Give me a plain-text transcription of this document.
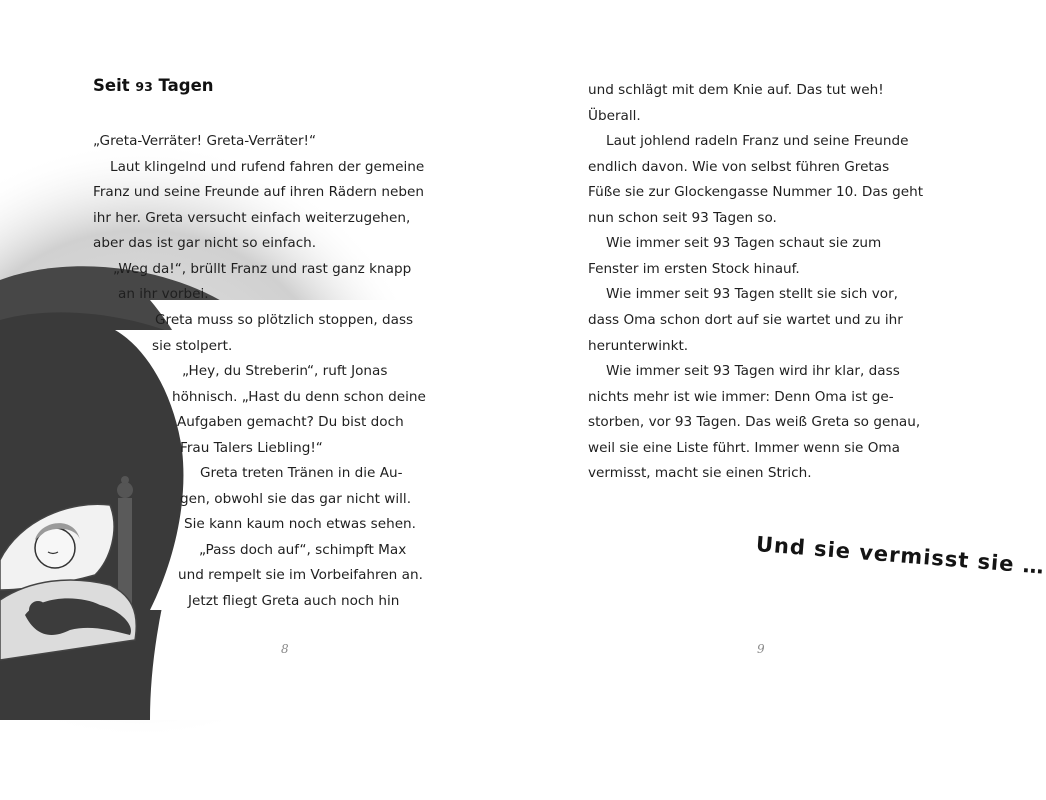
Seit 93 Tagen

„Greta-Verräter! Greta-Verräter!“

Laut klingelnd und rufend fahren der gemeine

Franz und seine Freunde auf ihren Rädern neben

ihr her. Greta versucht einfach weiterzugehen,

aber das ist gar nicht so einfach.

„Weg da!“, brüllt Franz und rast ganz knapp

an ihr vorbei.

Greta muss so plötzlich stoppen, dass

sie stolpert.

„Hey, du Streberin“, ruft Jonas

höhnisch. „Hast du denn schon deine

Aufgaben gemacht? Du bist doch

Frau Talers Liebling!“

Greta treten Tränen in die Au-

gen, obwohl sie das gar nicht will.

Sie kann kaum noch etwas sehen.

„Pass doch auf“, schimpft Max

und rempelt sie im Vorbeifahren an.

Jetzt fliegt Greta auch noch hin

8

und schlägt mit dem Knie auf. Das tut weh!

Überall.

Laut johlend radeln Franz und seine Freunde

endlich davon. Wie von selbst führen Gretas

Füße sie zur Glockengasse Nummer 10. Das geht

nun schon seit 93 Tagen so.

Wie immer seit 93 Tagen schaut sie zum

Fenster im ersten Stock hinauf.

Wie immer seit 93 Tagen stellt sie sich vor,

dass Oma schon dort auf sie wartet und zu ihr

herunterwinkt.

Wie immer seit 93 Tagen wird ihr klar, dass

nichts mehr ist wie immer: Denn Oma ist ge-

storben, vor 93 Tagen. Das weiß Greta so genau,

weil sie eine Liste führt. Immer wenn sie Oma

vermisst, macht sie einen Strich.

Und sie vermisst sie …

9
